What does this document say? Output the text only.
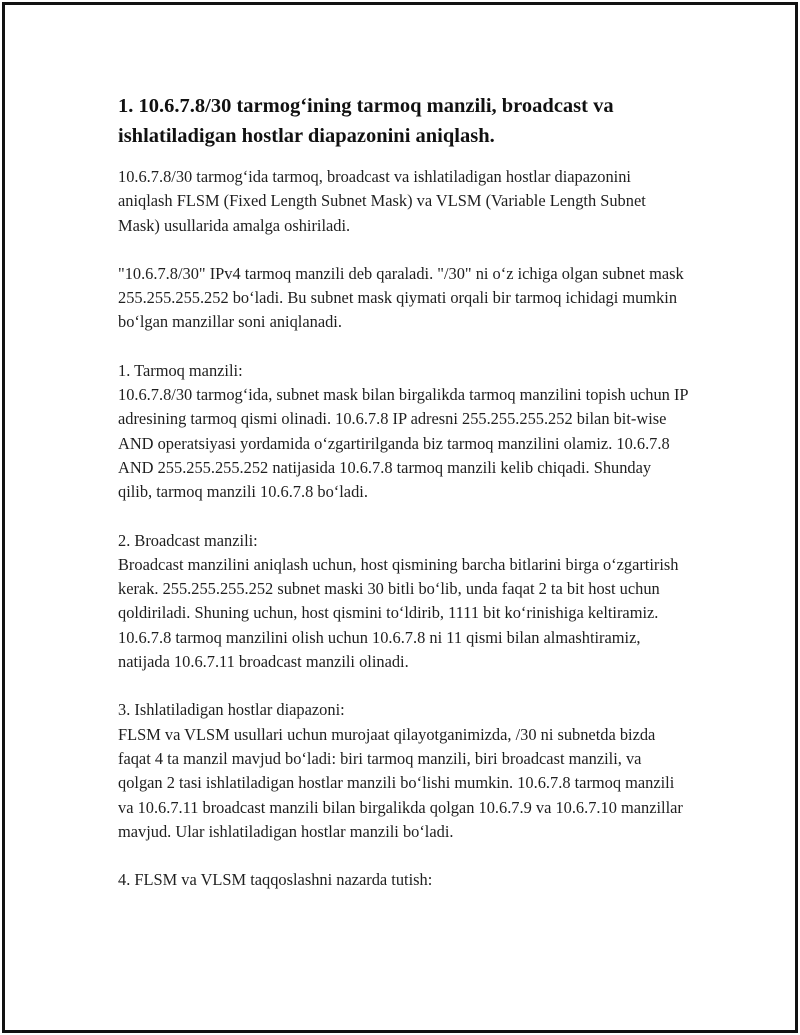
1. 10.6.7.8/30 tarmog‘ining tarmoq manzili, broadcast va ishlatiladigan hostlar diapazonini aniqlash.

10.6.7.8/30 tarmog‘ida tarmoq, broadcast va ishlatiladigan hostlar diapazonini aniqlash FLSM (Fixed Length Subnet Mask) va VLSM (Variable Length Subnet Mask) usullarida amalga oshiriladi.

"10.6.7.8/30" IPv4 tarmoq manzili deb qaraladi. "/30" ni o‘z ichiga olgan subnet mask 255.255.255.252 bo‘ladi. Bu subnet mask qiymati orqali bir tarmoq ichidagi mumkin bo‘lgan manzillar soni aniqlanadi.

1. Tarmoq manzili:
10.6.7.8/30 tarmog‘ida, subnet mask bilan birgalikda tarmoq manzilini topish uchun IP adresining tarmoq qismi olinadi. 10.6.7.8 IP adresni 255.255.255.252 bilan bit-wise AND operatsiyasi yordamida o‘zgartirilganda biz tarmoq manzilini olamiz. 10.6.7.8 AND 255.255.255.252 natijasida 10.6.7.8 tarmoq manzili kelib chiqadi. Shunday qilib, tarmoq manzili 10.6.7.8 bo‘ladi.

2. Broadcast manzili:
Broadcast manzilini aniqlash uchun, host qismining barcha bitlarini birga o‘zgartirish kerak. 255.255.255.252 subnet maski 30 bitli bo‘lib, unda faqat 2 ta bit host uchun qoldiriladi. Shuning uchun, host qismini to‘ldirib, 1111 bit ko‘rinishiga keltiramiz. 10.6.7.8 tarmoq manzilini olish uchun 10.6.7.8 ni 11 qismi bilan almashtiramiz, natijada 10.6.7.11 broadcast manzili olinadi.

3. Ishlatiladigan hostlar diapazoni:
FLSM va VLSM usullari uchun murojaat qilayotganimizda, /30 ni subnetda bizda faqat 4 ta manzil mavjud bo‘ladi: biri tarmoq manzili, biri broadcast manzili, va qolgan 2 tasi ishlatiladigan hostlar manzili bo‘lishi mumkin. 10.6.7.8 tarmoq manzili va 10.6.7.11 broadcast manzili bilan birgalikda qolgan 10.6.7.9 va 10.6.7.10 manzillar mavjud. Ular ishlatiladigan hostlar manzili bo‘ladi.

4. FLSM va VLSM taqqoslashni nazarda tutish:
